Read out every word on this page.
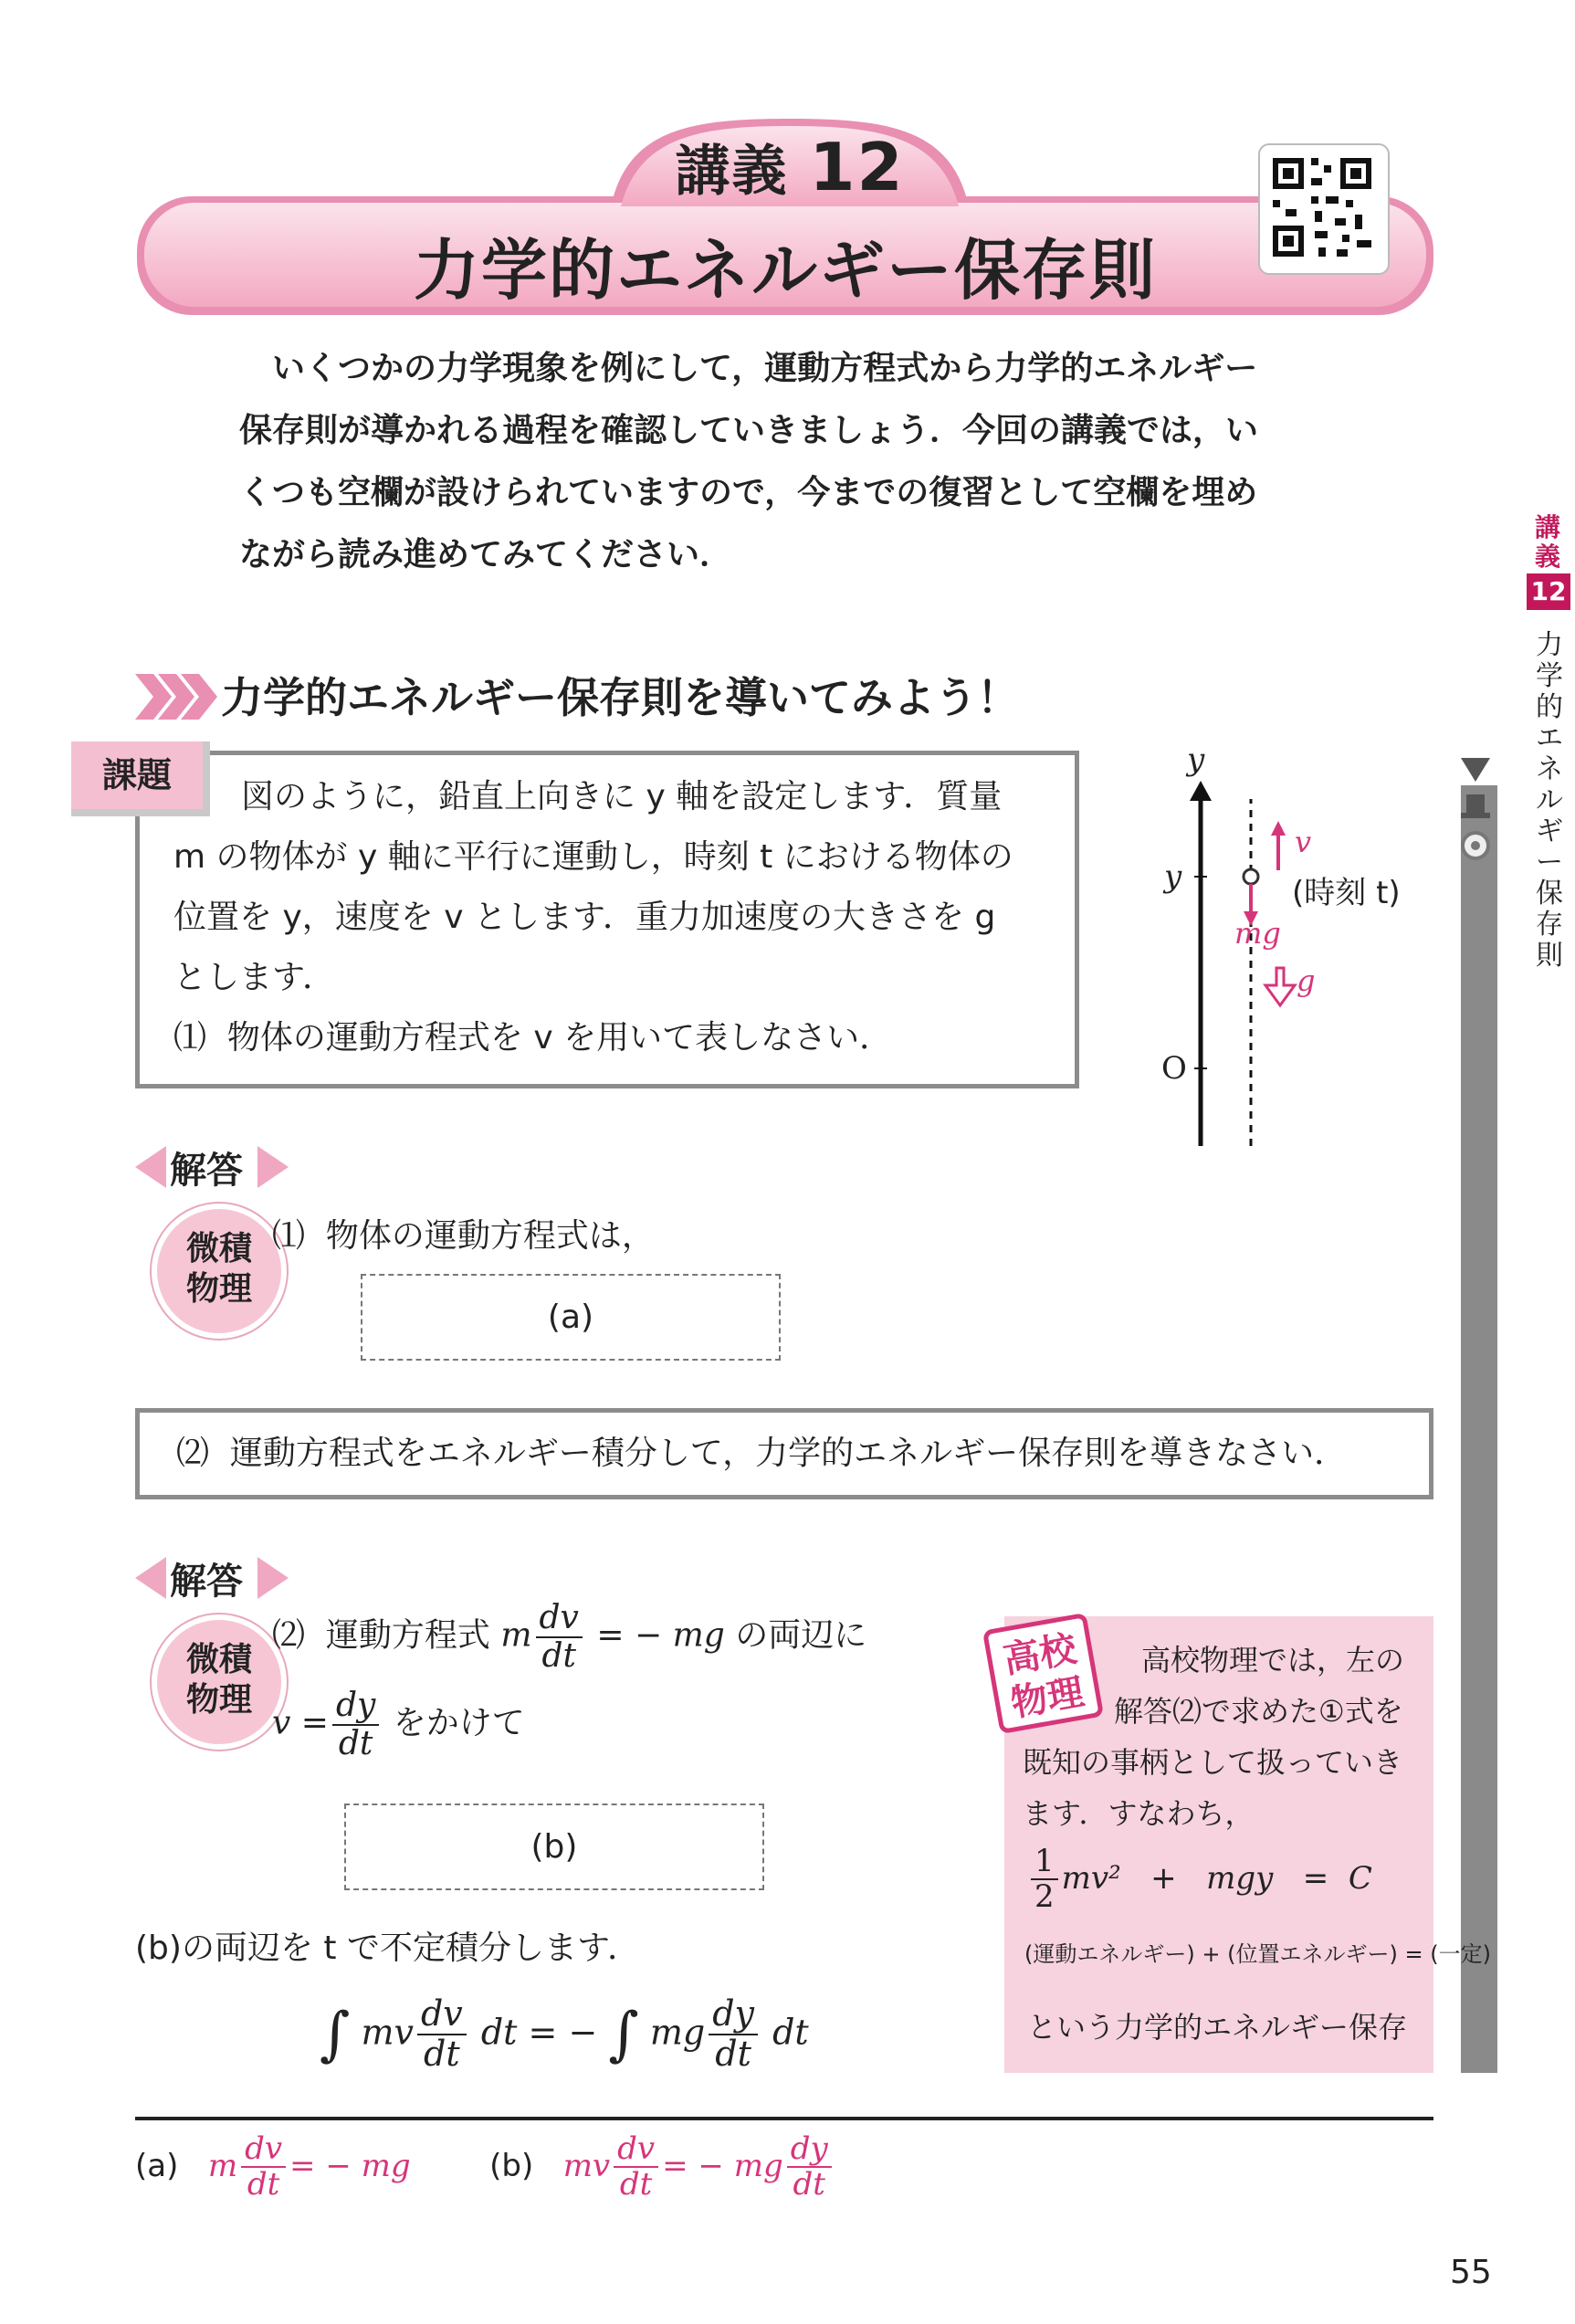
講義 12
力学的エネルギー保存則
いくつかの力学現象を例にして，運動方程式から力学的エネルギー
保存則が導かれる過程を確認していきましょう．今回の講義では，い
くつも空欄が設けられていますので，今までの復習として空欄を埋め
ながら読み進めてみてください．
講義
12
力学的エネルギー保存則
力学的エネルギー保存則を導いてみよう！
課題
図のように，鉛直上向きに y 軸を設定します．質量
m の物体が y 軸に平行に運動し，時刻 t における物体の
位置を y，速度を v とします．重力加速度の大きさを g
とします．
⑴ 物体の運動方程式を v を用いて表しなさい．
y
y
O
v
mg
g
(時刻 t)
解答
微積
物理
⑴ 物体の運動方程式は，
(a)
⑵ 運動方程式をエネルギー積分して，力学的エネルギー保存則を導きなさい．
解答
微積
物理
⑵ 運動方程式 m $\frac{dv}{dt}$ = − mg の両辺に
$v = \frac{dy}{dt}$ をかけて
(b)
(b)の両辺を t で不定積分します．
∫ mv $\frac{dv}{dt}$ dt = − ∫ mg $\frac{dy}{dt}$ dt
高校
物理
高校物理では，左の
解答⑵で求めた①式を
既知の事柄として扱っていき
ます．すなわち，
$\frac{1}{2} mv^2$ + mgy = C
(運動エネルギー) + (位置エネルギー) = (一定)
という力学的エネルギー保存
(a) m $\frac{dv}{dt}$ = − mg	(b) mv $\frac{dv}{dt}$ = − mg $\frac{dy}{dt}$
55
